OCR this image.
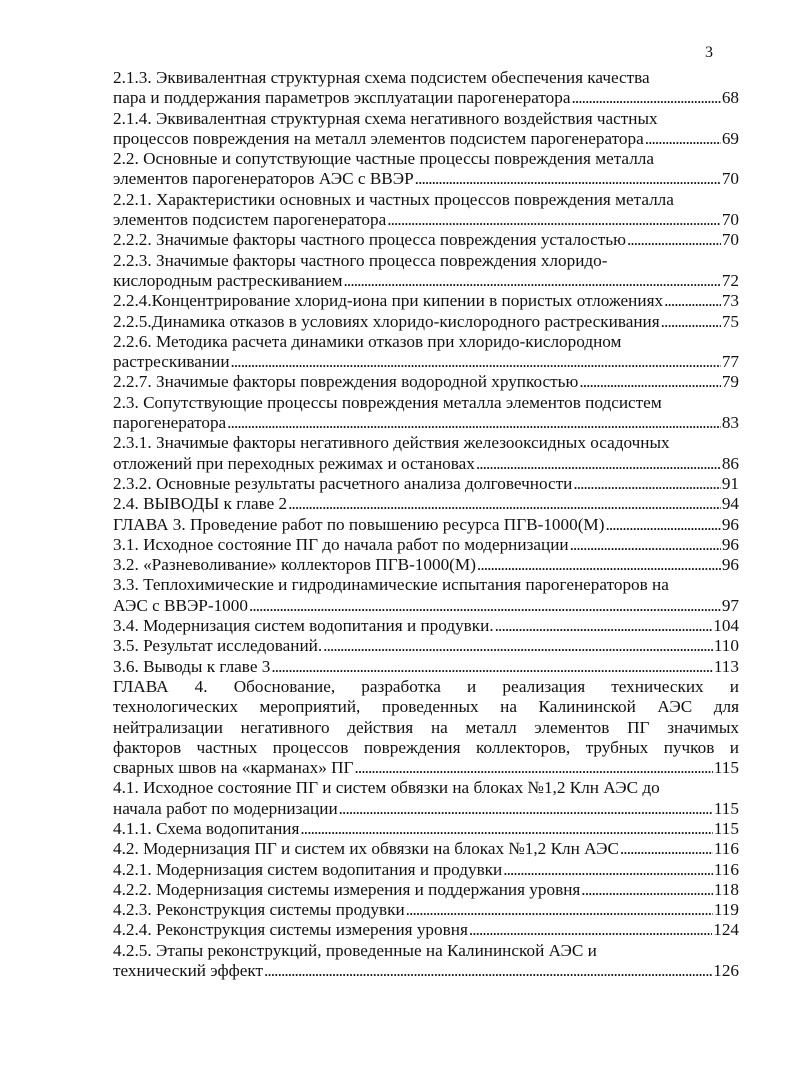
3
2.1.3. Эквивалентная структурная схема подсистем обеспечения качества
пара и поддержания параметров эксплуатации парогенератора . . .	68
2.1.4. Эквивалентная структурная схема негативного воздействия частных
процессов повреждения на металл элементов подсистем парогенератора . . .	69
2.2. Основные и сопутствующие частные процессы повреждения металла
элементов парогенераторов АЭС с ВВЭР . . .	70
2.2.1. Характеристики основных и частных процессов повреждения металла
элементов подсистем парогенератора . . .	70
2.2.2. Значимые факторы частного процесса повреждения усталостью . . .	70
2.2.3. Значимые факторы частного процесса повреждения хлоридо-
кислородным растрескиванием . . .	72
2.2.4.Концентрирование хлорид-иона при кипении в пористых отложениях . . .	73
2.2.5.Динамика отказов в условиях хлоридо-кислородного растрескивания . . .	75
2.2.6. Методика расчета динамики отказов при хлоридо-кислородном
растрескивании . . .	77
2.2.7. Значимые факторы повреждения водородной хрупкостью . . .	79
2.3. Сопутствующие процессы повреждения металла элементов подсистем
парогенератора . . .	83
2.3.1. Значимые факторы негативного действия железооксидных осадочных
отложений при переходных режимах и остановах . . .	86
2.3.2. Основные результаты расчетного анализа долговечности . . .	91
2.4. ВЫВОДЫ к главе 2 . . .	94
ГЛАВА 3. Проведение работ по повышению ресурса ПГВ-1000(М) . . .	96
3.1. Исходное состояние ПГ до начала работ по модернизации . . .	96
3.2. «Разневоливание» коллекторов ПГВ-1000(М) . . .	96
3.3. Теплохимические и гидродинамические испытания парогенераторов на
АЭС с ВВЭР-1000 . . .	97
3.4. Модернизация систем водопитания и продувки. . . .	104
3.5. Результат исследований. . . .	110
3.6. Выводы к главе 3 . . .	113
ГЛАВА 4. Обоснование, разработка и реализация технических и
технологических мероприятий, проведенных на Калининской АЭС для
нейтрализации негативного действия на металл элементов ПГ значимых
факторов частных процессов повреждения коллекторов, трубных пучков и
сварных швов на «карманах» ПГ . . .	115
4.1. Исходное состояние ПГ и систем обвязки на блоках №1,2 Клн АЭС до
начала работ по модернизации . . .	115
4.1.1. Схема водопитания . . .	115
4.2. Модернизация ПГ и систем их обвязки на блоках №1,2 Клн АЭС . . .	116
4.2.1. Модернизация систем водопитания и продувки . . .	116
4.2.2. Модернизация системы измерения и поддержания уровня . . .	118
4.2.3. Реконструкция системы продувки . . .	119
4.2.4. Реконструкция системы измерения уровня . . .	124
4.2.5. Этапы реконструкций, проведенные на Калининской АЭС и
технический эффект . . .	126
